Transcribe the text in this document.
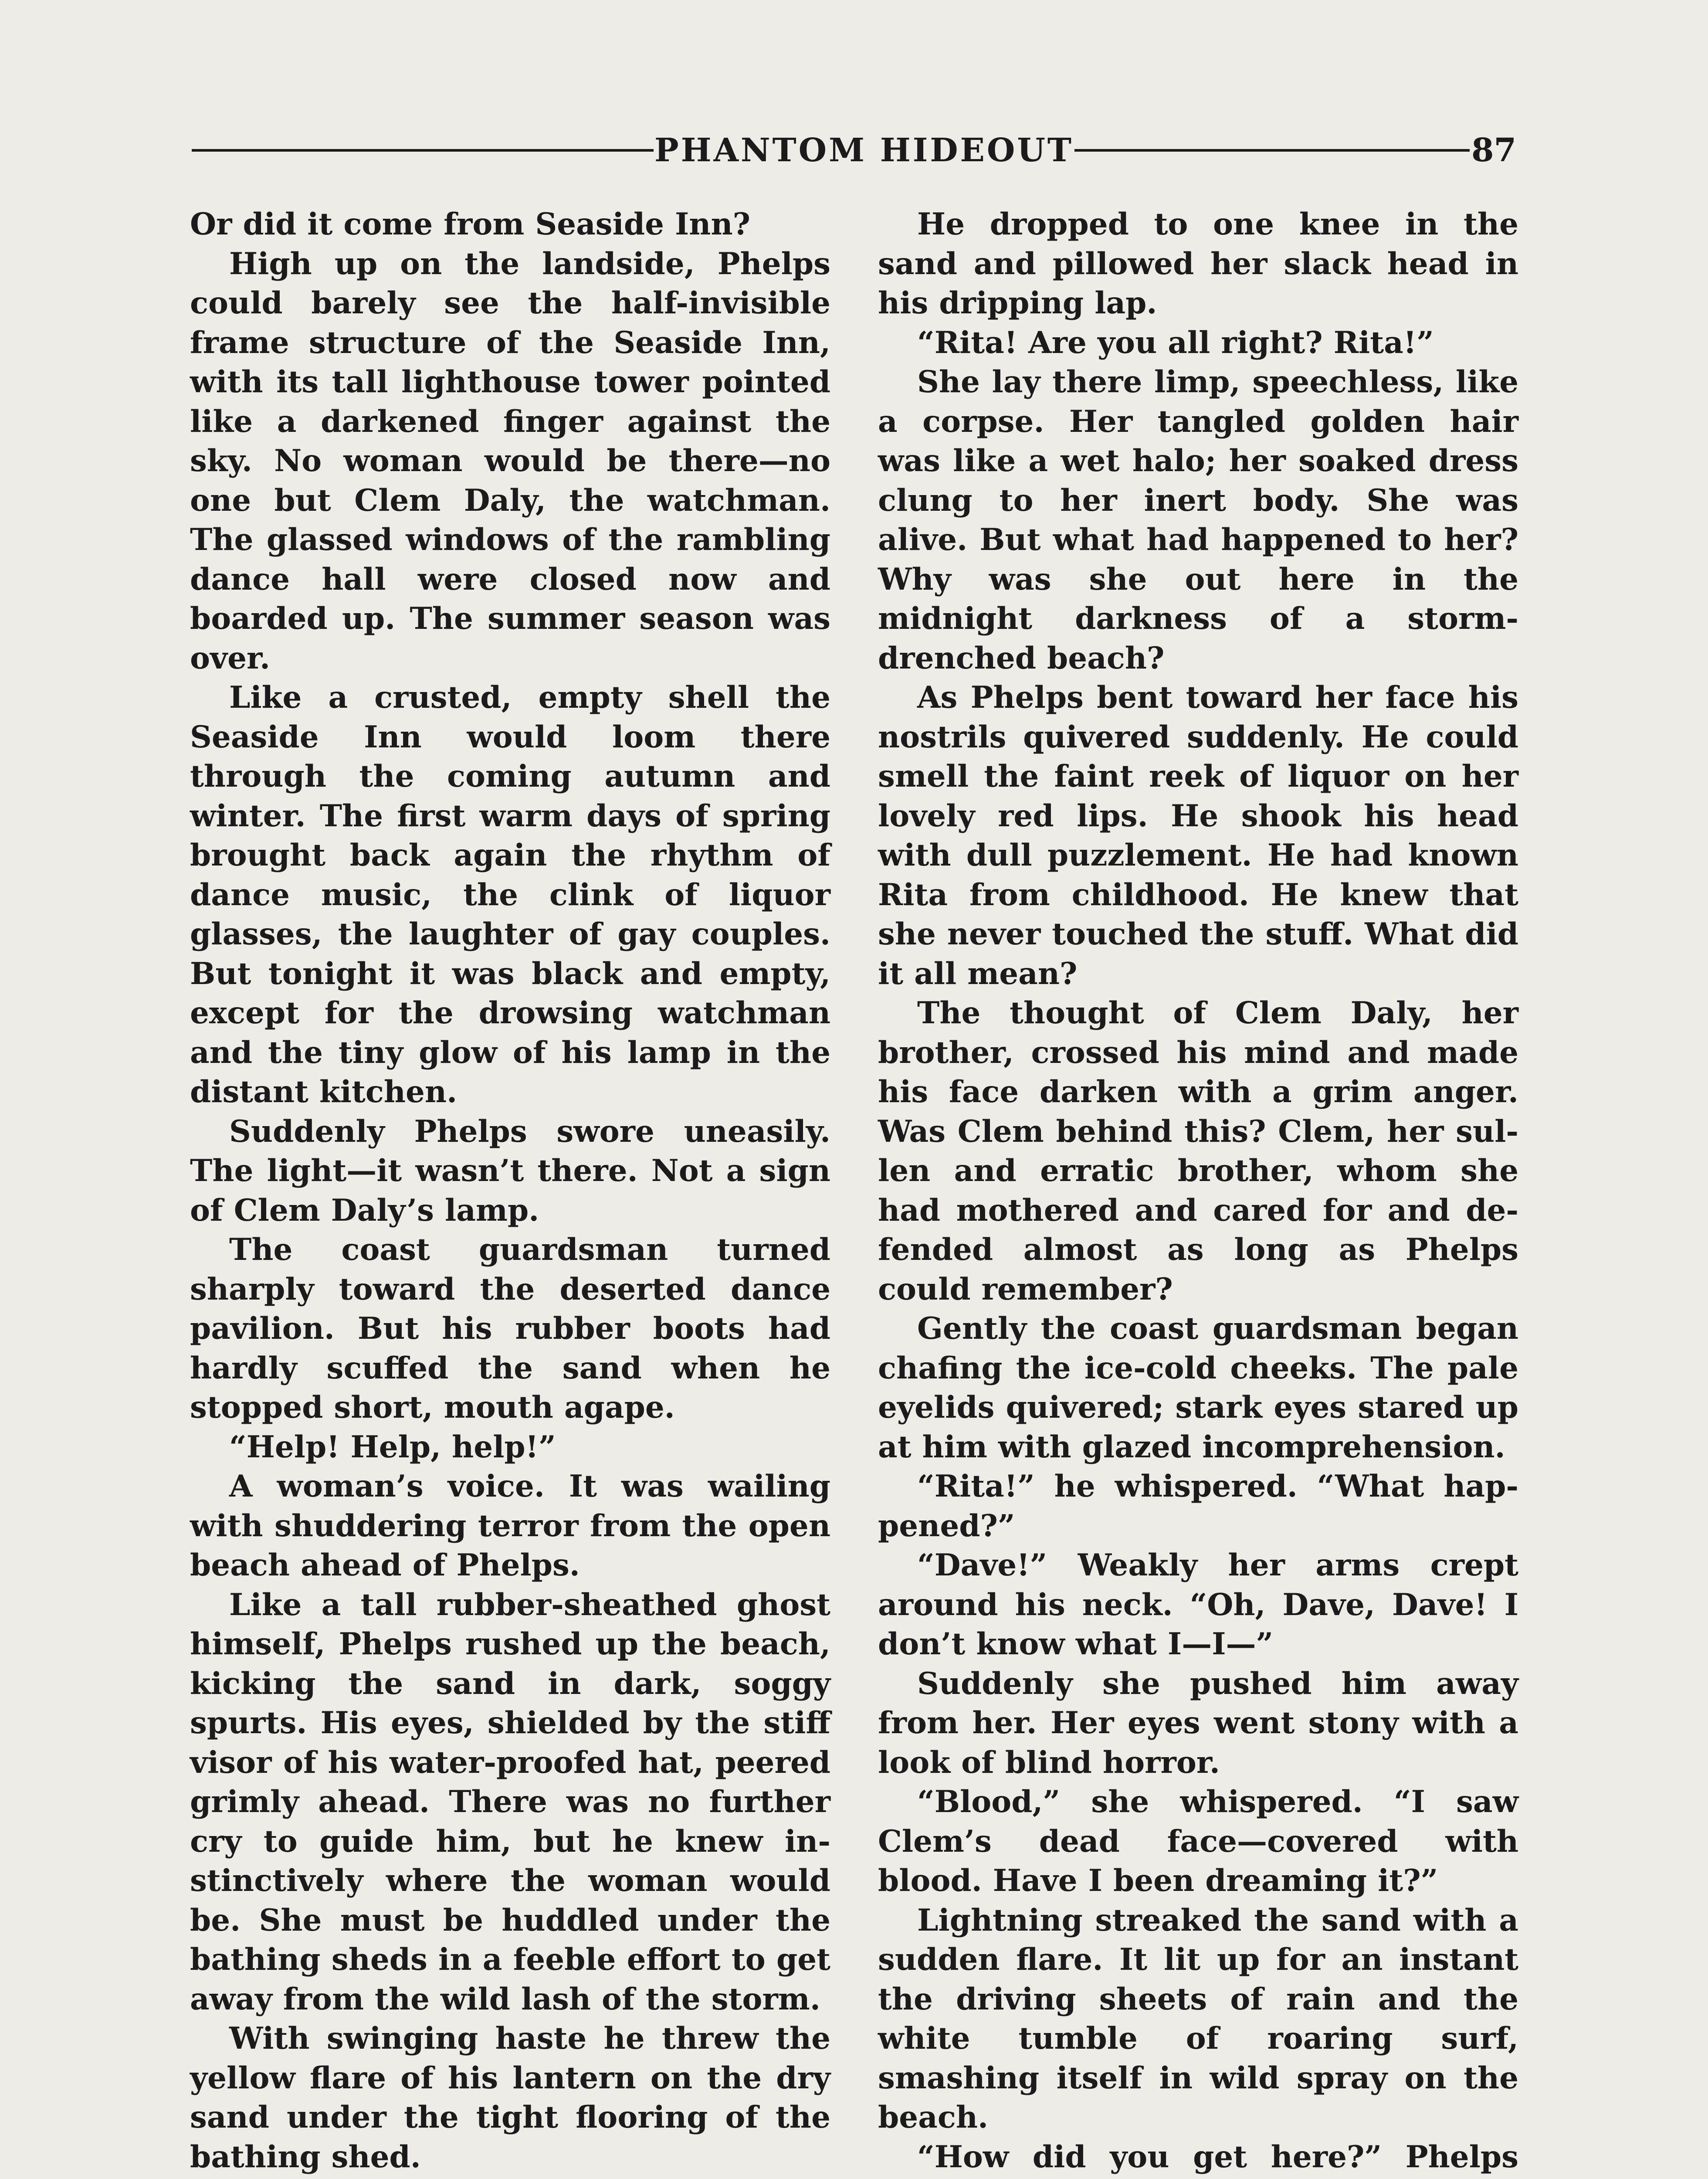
PHANTOM HIDEOUT	87

Or did it come from Seaside Inn?

High up on the landside, Phelps could barely see the half-invisible frame structure of the Seaside Inn, with its tall lighthouse tower pointed like a darkened finger against the sky. No woman would be there—no one but Clem Daly, the watchman. The glassed windows of the rambling dance hall were closed now and boarded up. The summer season was over.

Like a crusted, empty shell the Seaside Inn would loom there through the coming autumn and winter. The first warm days of spring brought back again the rhythm of dance music, the clink of liquor glasses, the laughter of gay couples. But tonight it was black and empty, except for the drowsing watchman and the tiny glow of his lamp in the distant kitchen.

Suddenly Phelps swore uneasily. The light—it wasn’t there. Not a sign of Clem Daly’s lamp.

The coast guardsman turned sharply toward the deserted dance pavilion. But his rubber boots had hardly scuffed the sand when he stopped short, mouth agape.

“Help! Help, help!”

A woman’s voice. It was wailing with shuddering terror from the open beach ahead of Phelps.

Like a tall rubber-sheathed ghost himself, Phelps rushed up the beach, kicking the sand in dark, soggy spurts. His eyes, shielded by the stiff visor of his water-proofed hat, peered grimly ahead. There was no further cry to guide him, but he knew instinctively where the woman would be. She must be huddled under the bathing sheds in a feeble effort to get away from the wild lash of the storm.

With swinging haste he threw the yellow flare of his lantern on the dry sand under the tight flooring of the bathing shed.

He dropped to one knee in the sand and pillowed her slack head in his dripping lap.

“Rita! Are you all right? Rita!”

She lay there limp, speechless, like a corpse. Her tangled golden hair was like a wet halo; her soaked dress clung to her inert body. She was alive. But what had happened to her? Why was she out here in the midnight darkness of a storm-drenched beach?

As Phelps bent toward her face his nostrils quivered suddenly. He could smell the faint reek of liquor on her lovely red lips. He shook his head with dull puzzlement. He had known Rita from childhood. He knew that she never touched the stuff. What did it all mean?

The thought of Clem Daly, her brother, crossed his mind and made his face darken with a grim anger. Was Clem behind this? Clem, her sullen and erratic brother, whom she had mothered and cared for and defended almost as long as Phelps could remember?

Gently the coast guardsman began chafing the ice-cold cheeks. The pale eyelids quivered; stark eyes stared up at him with glazed incomprehension.

“Rita!” he whispered. “What happened?”

“Dave!” Weakly her arms crept around his neck. “Oh, Dave, Dave! I don’t know what I—I—”

Suddenly she pushed him away from her. Her eyes went stony with a look of blind horror.

“Blood,” she whispered. “I saw Clem’s dead face—covered with blood. Have I been dreaming it?”

Lightning streaked the sand with a sudden flare. It lit up for an instant the driving sheets of rain and the white tumble of roaring surf, smashing itself in wild spray on the beach.

“How did you get here?” Phelps
